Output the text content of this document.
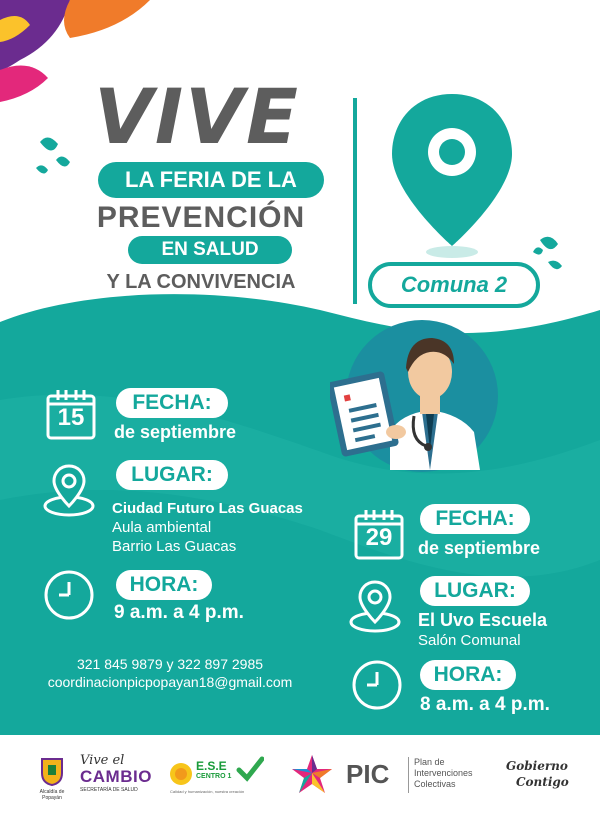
VIVE
LA FERIA DE LA
PREVENCIÓN
EN SALUD
Y LA CONVIVENCIA
EN LA
Comuna 2
15
FECHA:
de septiembre
LUGAR:
Ciudad Futuro Las Guacas
Aula ambiental
Barrio Las Guacas
HORA:
9 a.m. a 4 p.m.
29
FECHA:
de septiembre
LUGAR:
El Uvo Escuela
Salón Comunal
HORA:
8 a.m. a 4 p.m.
321 845 9879 y 322 897 2985
coordinacionpicpopayan18@gmail.com
Alcaldía de Popayán
Vive el
CAMBIO
SECRETARÍA DE SALUD
E.S.E
CENTRO 1
Calidad y humanización, nuestra creación
PIC	Plan de
Intervenciones
Colectivas
Gobierno
Contigo
